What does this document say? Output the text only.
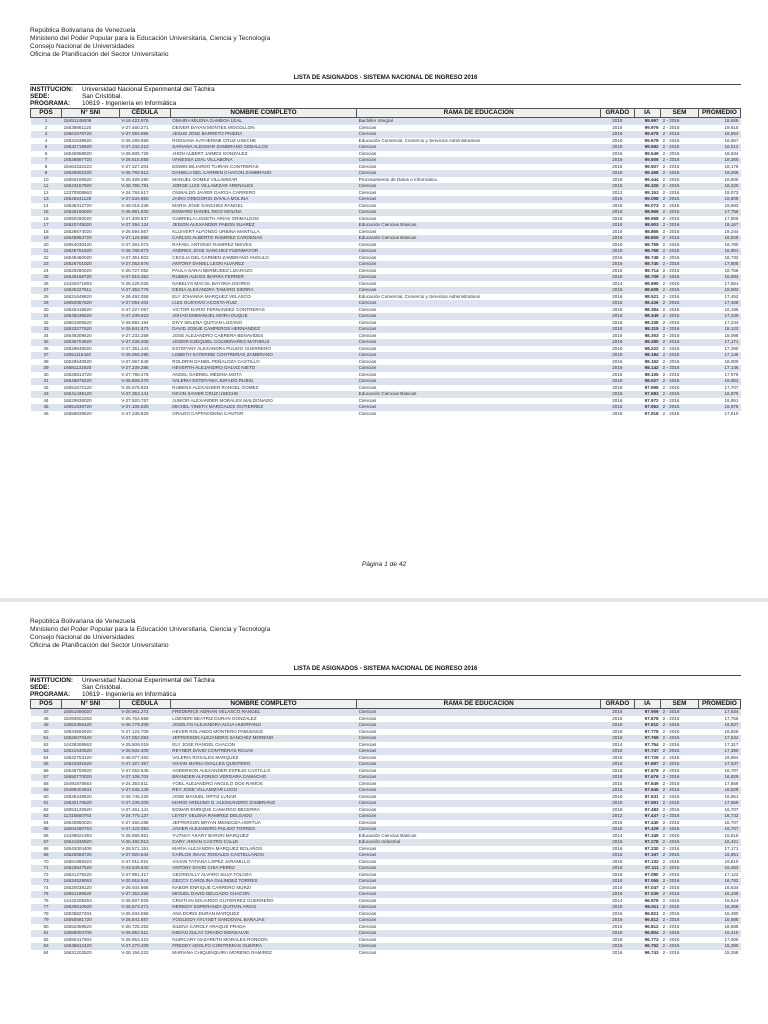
República Bolivariana de Venezuela
Ministerio del Poder Popular para la Educación Universitaria, Ciencia y Tecnología
Consejo Nacional de Universidades
Oficina de Planificación del Sector Universitario
LISTA DE ASIGNADOS - SISTEMA NACIONAL DE INGRESO 2016
INSTITUCION:	Universidad Nacional Experimental del Táchira
SEDE:	San Cristóbal.
PROGRAMA:	10619 - Ingeniería en Informática
POS	N° SNI	CÉDULA	NOMBRE COMPLETO	RAMA DE EDUCACION	GRADO	IA	SEM	PROMEDIO
1	15451148006	V-16.422.976	OMAIRA MILENA GAMBOA LEAL	Bachiller Integral	2016	99.997	2 - 2016	18,659
2	16538861120	V-27.460.271	DEIVER DAYAN MONTES MOGOLLON	Ciencias	2016	99.979	2 - 2016	19,610
3	16561678720	V-27.094.986	JESUS JOSE BARRETO PINEDA	Ciencias	2016	99.679	2 - 2016	18,854
4	16531639820	V-26.289.658	ROSSANA KATHERINE CRUZ USECHE	Educación Comercial, Comercio y Servicios Administrativos	2016	99.679	2 - 2016	18,667
5	16532716920	V-27.232.210	SARIANA ALEXMAR ZAMBRANO CEBALLOS	Ciencias	2016	99.592	2 - 2016	18,512
6	16546958920	V-26.505.726	JHON ALBERT JAIMES GONZALEZ	Ciencias	2016	99.549	2 - 2016	18,634
7	16528887720	V-26.515.555	VANESSA LEAL VILLABONA	Ciencias	2016	99.509	2 - 2016	18,366
8	16464332223	V-27.327.204	EDWIN BILIARDO TUIRAN CONTRERAS	Ciencias	2016	99.507	2 - 2016	18,176
9	16529602220	V-26.792.912	DANIELA DEL CARMEN CHACON ZAMBRANO	Ciencias	2016	99.458	2 - 2016	18,268
10	16550106520	V-26.489.290	MANUEL GOMEZ VILLAMIZAR	Procesamiento de Datos e Informática	2016	99.444	2 - 2016	18,500
11	16523157920	V-26.786.781	JORGE LUIS VILLAMIZAR ARENALES	Ciencias	2016	99.326	2 - 2016	18,220
12	12370508563	V-24.784.517	OSWALDO JAVIER GARCIA CARRERO	Ciencias	2013	99.153	2 - 2016	18,073
13	16526241120	V-27.534.650	JAIRO GREGORIO DAVILA MOLINA	Ciencias	2016	99.098	2 - 2016	19,605
14	16536312720	V-28.016.336	MARIA JOSE SANCHEZ RANGEL	Ciencias	2016	99.073	2 - 2016	19,683
15	16526155020	V-26.981.630	EDWARD DANIEL RICO MOLINA	Ciencias	2016	98.966	2 - 2016	17,756
16	16550280020	V-27.409.637	GABRIELA LISSETH ARIAS GRIMALDOS	Ciencias	2016	98.958	2 - 2016	17,805
17	16520745020	V-27.394.124	JEISON ALEXANDER PABON SUAREZ	Educación Ciencias Básicas	2016	98.903	2 - 2016	19,167
18	16526674020	V-26.594.567	KLUIVERT ALFONSO URBINA MANTILLA	Ciencias	2016	98.866	2 - 2016	19,244
19	16545964720	V-27.124.855	CARLOS ALBERTO RAMIREZ CARDENAS	Educación Ciencias Básicas	2016	98.809	2 - 2016	18,929
20	16554030420	V-27.361.073	RAFAEL ANTONIO RAMIREZ NIEVES	Ciencias	2016	98.769	2 - 2016	18,780
21	16526761920	V-26.788.873	ANDRES JOSE SANCHEZ FUENMAYOR	Ciencias	2016	98.768	2 - 2016	16,951
22	16549460020	V-27.351.503	CECILIA DEL CARMEN ZAMBRANO ANGULO	Ciencias	2016	98.748	2 - 2016	18,732
23	16526701020	V-27.052.576	ANTONY DANIEL LEON ALVAREZ	Ciencias	2016	98.740	2 - 2016	17,805
24	16529280020	V-26.727.052	PAULA SARAI BERMUDEZ LIZARAZO	Ciencias	2016	98.714	2 - 2016	18,756
25	16546159720	V-27.916.352	RUBEN ALEXIS IBARRA FERRER	Ciencias	2016	98.709	2 - 2016	18,683
26	14432671863	V-25.225.026	NABELYS MACOL BAYONA OSORIO	Ciencias	2014	98.690	2 - 2016	17,561
27	16525227611	V-27.353.779	DEINA ALEXANDRA TAMARO SIERRA	Ciencias	2016	98.608	2 - 2016	18,683
28	16531648820	V-26.492.058	ELY JOHANNA MARQUEZ VELASCO	Educación Comercial, Comercio y Servicios Administrativos	2016	98.521	2 - 2016	17,452
29	16550057620	V-27.094.404	LUIS GUSTAVO ACOSTA RUIZ	Ciencias	2016	98.436	2 - 2016	17,468
30	16526418520	V-27.227.057	VICTOR DARIO FERNANDEZ CONTRERAS	Ciencias	2016	98.384	2 - 2016	18,195
31	16546236620	V-27.239.923	JOHAN EMMANUEL MORA DUQUE	Ciencias	2016	98.349	2 - 2016	17,439
32	16561605520	V-26.892.194	DIVY SELENA QUITIAN LOZANO	Ciencias	2016	98.338	2 - 2016	17,244
33	16533277620	V-26.841.573	DAVID JOSUE CAMPEROS HERNANDEZ	Ciencias	2016	98.315	2 - 2016	18,122
34	16548308620	V-27.232.259	JOSE ALEJANDRO CABRERA BENAVIDES	Ciencias	2016	98.303	2 - 2016	18,098
35	16535704520	V-27.239.205	JOSEIR EZEQUIEL COLMENARES MATHEUS	Ciencias	2016	98.280	2 - 2016	17,171
36	16529648020	V-27.351.243	ESTEFANY ALEXANDRA PULIDO GUERRERO	Ciencias	2016	98.222	2 - 2016	17,390
37	16551115420	V-29.066.295	LISBETH KATERINE CONTRERAS ZAMBRANO	Ciencias	2016	98.184	2 - 2016	17,146
38	16526540620	V-27.067.648	ROLDRIN DANIEL PEÑALOZA CASTILLO	Ciencias	2016	98.152	2 - 2016	18,000
39	16581131920	V-27.239.286	HEVERTH ALEJANDRO GALVIZ NIETO	Ciencias	2016	98.142	2 - 2016	17,146
40	16526813720	V-27.788.476	ANGEL GABRIEL MEDINA MOTA	Ciencias	2016	98.105	2 - 2016	17,976
41	16548878220	V-26.808.270	VALERIA ESTEFANIA JURADO RUBIO	Ciencias	2016	98.027	2 - 2016	16,952
42	16551672120	V-26.675.924	RUBENS ALEXANDER RANGEL GOMEZ	Ciencias	2016	97.995	2 - 2016	17,707
43	16541439120	V-27.353.141	KEVIN XAVIER CRUZ USECHE	Educación Ciencias Básicas	2016	97.983	2 - 2016	16,976
44	16529938020	V-27.920.757	JUNIOR ALEXANDER MORALES MALDONADO	Ciencias	2016	97.972	2 - 2016	16,951
45	16551536720	V-27.106.829	MICHEL YINETH MARCIALES GUTIERREZ	Ciencias	2016	97.953	2 - 2016	16,976
46	16555839620	V-27.239.829	ORAZIO CAPPADONNA CANTOR	Ciencias	2016	97.918	2 - 2016	17,610
Página 1 de 42
República Bolivariana de Venezuela
Ministerio del Poder Popular para la Educación Universitaria, Ciencia y Tecnología
Consejo Nacional de Universidades
Oficina de Planificación del Sector Universitario
LISTA DE ASIGNADOS - SISTEMA NACIONAL DE INGRESO 2016
INSTITUCION:	Universidad Nacional Experimental del Táchira
SEDE:	San Cristóbal.
PROGRAMA:	10619 - Ingeniería en Informática
POS	N° SNI	CÉDULA	NOMBRE COMPLETO	RAMA DE EDUCACION	GRADO	IA	SEM	PROMEDIO
47	16551656020	V-26.961.272	FREDERICK ADRIAN VELASCO RANGEL	Ciencias	2016	97.909	2 - 2016	17,634
48	15493602263	V-26.764.659	LOENDRI BEATRIZ DURAN GONZALEZ	Ciencias	2016	97.878	2 - 2016	17,756
49	16552356420	V-26.779.209	JOSELYN ALEJANDRA ACUA HUERFANO	Ciencias	2016	97.810	2 - 2016	16,927
50	16534592620	V-27.124.709	HEVER ROLANDO MONTERO PABUENCE	Ciencias	2016	97.775	2 - 2016	16,829
51	16526070420	V-27.052.083	JEFFERSON ALEJANDRO SANCHEZ MORENO	Ciencias	2016	97.769	2 - 2016	17,634
52	14438269563	V-25.809.019	ELY JOSE RANGEL CHACON	Ciencias	2014	97.754	2 - 2016	17,317
53	16521640520	V-26.934.400	REYNER DAVID CONTRERAS ROJAS	Ciencias	2016	97.747	2 - 2016	17,390
54	16522753120	V-28.077.462	VALERIA ROSALES MARQUEZ	Ciencias	2016	97.729	2 - 2016	16,854
55	16522831520	V-27.327.357	VIVIAN MARIA OVALLES QUINTERO	Ciencias	2016	97.697	2 - 2016	17,537
56	16545700820	V-27.052.645	ANDERSON ALEXANDER ESPEJO CASTILLO	Ciencias	2016	97.679	2 - 2016	16,707
57	16550770020	V-27.108.704	BRANGER ALFONSO VERGARA CAMACHO	Ciencias	2016	97.676	2 - 2016	16,829
58	15491878563	V-24.353.511	YOEL ALEJANDRO ANGULO DOS RAMOS	Ciencias	2015	97.649	2 - 2016	17,659
59	15489204631	V-27.045.145	REY JOSE VILLAMIZAR LUGO	Ciencias	2015	97.645	2 - 2016	16,829
60	16526248620	V-26.745.228	JOSE MANUEL ORTIZ LUNAR	Ciencias	2016	97.631	2 - 2016	16,951
61	16532170620	V-27.239.209	MARIO ARDUINO D. ALESSANDRO ZAMBRANO	Ciencias	2016	97.591	2 - 2016	17,659
62	16553120620	V-27.461.141	EDWAR ENRIQUE CAMARGO BECERRA	Ciencias	2016	97.483	2 - 2016	16,707
63	11315660763	V-24.775.137	LEYDY SELENA RAMIREZ DELGADO	Ciencias	2012	97.447	2 - 2016	16,732
64	16540850020	V-27.460.288	JEFFERSON BRYAN MENDOZA HORTUA	Ciencias	2016	97.440	2 - 2016	16,707
65	15504280763	V-27.422.093	JAVIER ALEJANDRO PULIDO TORRES	Ciencias	2015	97.429	2 - 2016	16,707
66	14438621363	V-26.566.651	YUTNAY AKARY BARON MARQUEZ	Educación Ciencias Básicas	2014	97.349	2 - 2016	15,619
67	16541836920	V-26.492.913	GARY JHOAN CASTRO CALLE	Educación Industrial	2016	97.278	2 - 2016	16,421
68	16542004406	V-28.571.151	MARIA ALEJANDRA MARQUEZ BOLAÑOS	Ciencias	2016	97.230	2 - 2016	17,171
69	16526559720	V-27.920.644	CARLOS ISAAC ROSALES CASTELLANOS	Ciencias	2016	97.157	2 - 2016	16,951
70	16551869323	V-27.911.910	VIVIAN TATIANA LOPEZ JARAMILLO	Ciencias	2016	97.132	2 - 2016	16,610
71	16523647520	V-23.545.543	ANTONY DAVID CHIA PEREZ	Ciencias	2016	97.111	2 - 2016	16,463
72	16521278220	V-27.991.417	GEORDALLY ALVARO SILVA TOLOZA	Ciencias	2016	97.080	2 - 2016	17,122
73	16534529063	V-20.918.944	GECCY CAROLINA GALINDEZ TORRES	Ciencias	2016	97.065	2 - 2016	16,782
74	16520038120	V-26.934.866	NABOR ENRIQUE CARRERO MURZI	Ciencias	2016	97.047	2 - 2016	16,634
75	16551199520	V-27.353.255	MIGUEL DAVID DELGADO CHACON	Ciencias	2016	97.039	2 - 2016	16,439
76	14442205263	V-25.807.926	CRISTIAN EDUARDO GUTIERREZ GUERRERO	Ciencias	2014	96.976	2 - 2016	16,524
77	16525610920	V-26.673.271	NEREIDY ESPERANZA QUITIAN ARIAS	Ciencias	2016	96.911	2 - 2016	16,268
78	16535827204	V-26.934.558	ANA DORIS DURAN MARQUEZ	Ciencias	2016	96.821	2 - 2016	15,390
79	16550591720	V-26.841.687	YOGLEIDY AYLYSET SANDOVAL BARAJAS	Ciencias	2016	96.812	2 - 2016	16,585
80	16552358520	V-26.725.252	SILENA CAROLY ARAQUE PRADA	Ciencias	2016	96.812	2 - 2016	16,585
81	16559004706	V-26.952.511	NIDIAN ZULAY CRIADO MONSALVE	Ciencias	2016	96.804	2 - 2016	16,415
82	16550417904	V-26.953.410	NUIRCARY NAZARETH MORALES RONDON	Ciencias	2016	96.773	2 - 2016	17,000
83	16536812420	V-27.270.409	FREDDY ADOLFO CONTRERAS GUERRA	Ciencias	2016	96.752	2 - 2016	15,390
84	16531202520	V-28.156.222	MARIANA CHIQUINQUIRA MORENO RAMIREZ	Ciencias	2016	96.743	2 - 2016	15,268
